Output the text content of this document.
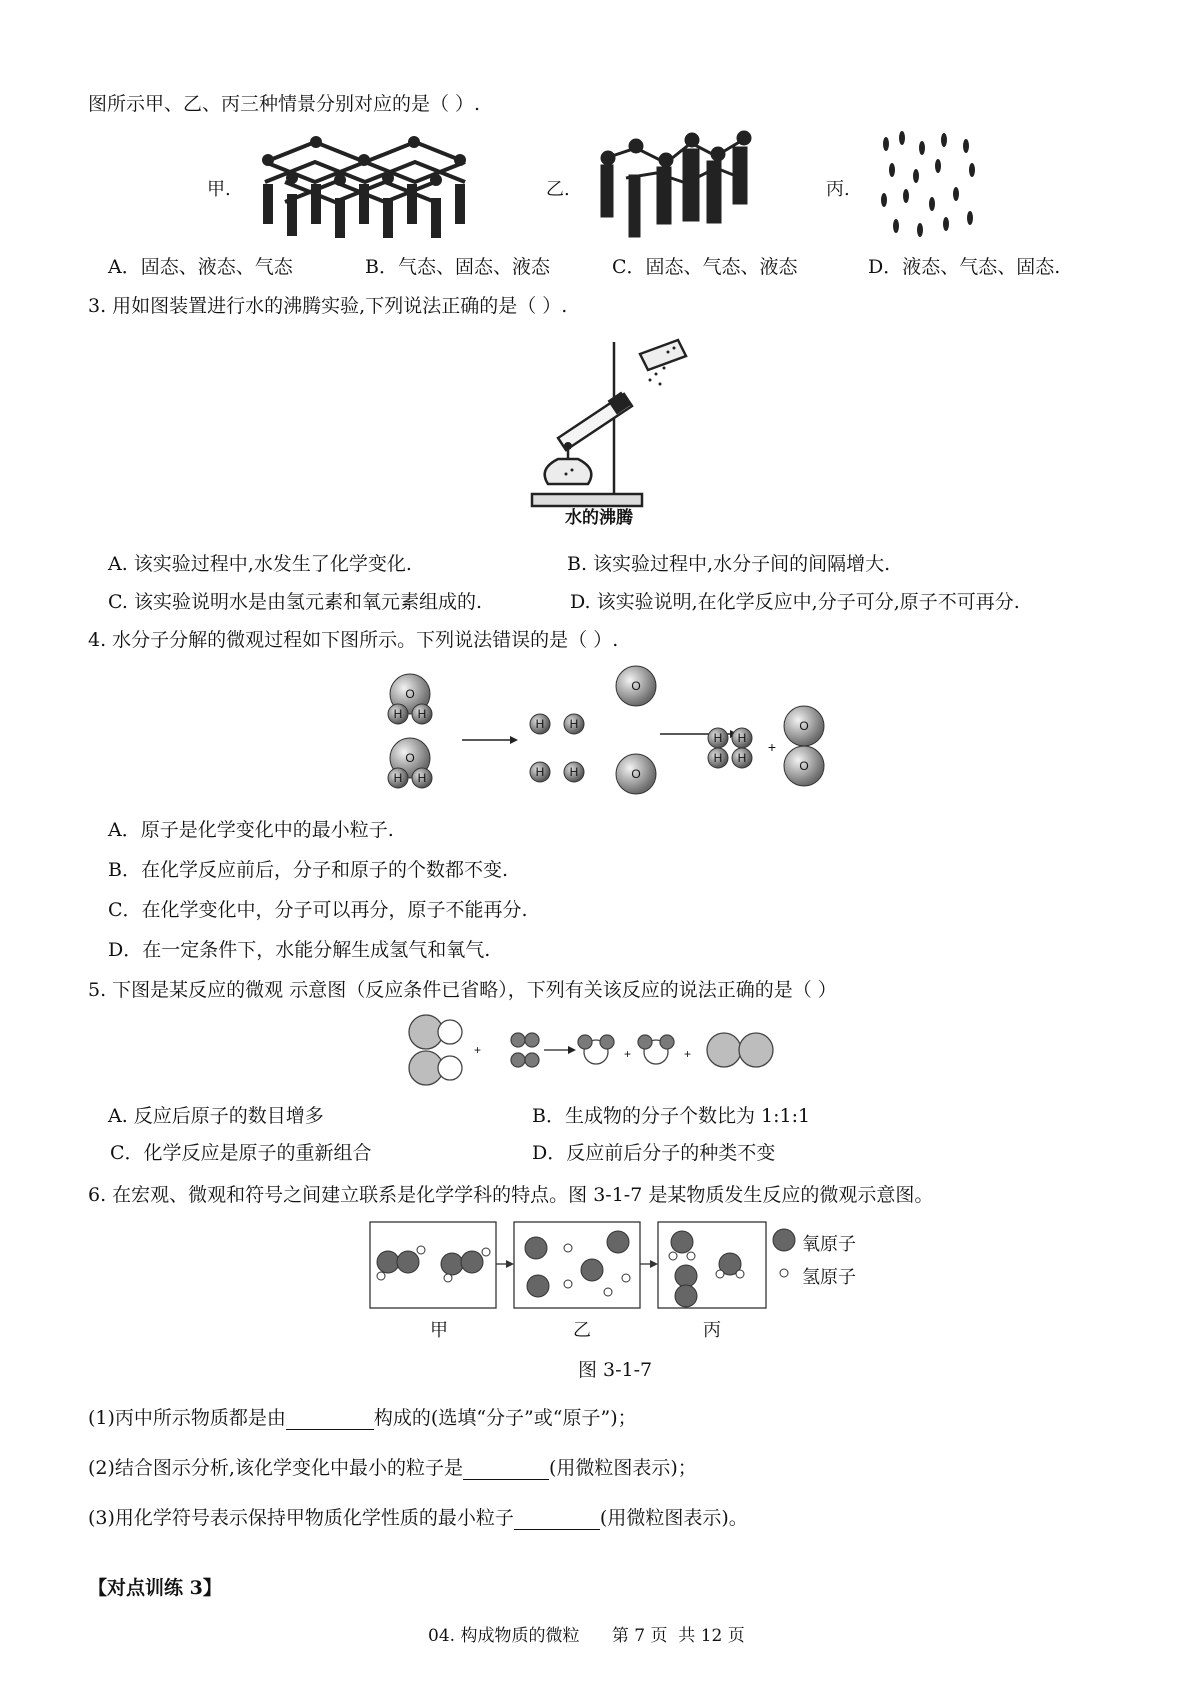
图所示甲、乙、丙三种情景分别对应的是（ ）.
甲.	乙.	丙.
A．固态、液态、气态	B．气态、固态、液态	C．固态、气态、液态	D．液态、气态、固态.
3. 用如图装置进行水的沸腾实验,下列说法正确的是（ ）.
水的沸腾
A. 该实验过程中,水发生了化学变化.	B. 该实验过程中,水分子间的间隔增大.
C. 该实验说明水是由氢元素和氧元素组成的.	D. 该实验说明,在化学反应中,分子可分,原子不可再分.
4. 水分子分解的微观过程如下图所示。下列说法错误的是（ ）.
O
H H
O
H H
H H
H H
O
O
H
H
H
H
+
O
O
A．原子是化学变化中的最小粒子.
B．在化学反应前后，分子和原子的个数都不变.
C．在化学变化中，分子可以再分，原子不能再分.
D．在一定条件下，水能分解生成氢气和氧气.
5. 下图是某反应的微观 示意图（反应条件已省略），下列有关该反应的说法正确的是（ ）
+	+	+
A. 反应后原子的数目增多	B．生成物的分子个数比为 1:1:1
C．化学反应是原子的重新组合	D．反应前后分子的种类不变
6. 在宏观、微观和符号之间建立联系是化学学科的特点。图 3-1-7 是某物质发生反应的微观示意图。
氧原子
氢原子
甲	乙	丙
图 3-1-7
(1)丙中所示物质都是由	构成的(选填“分子”或“原子”)；
(2)结合图示分析,该化学变化中最小的粒子是	(用微粒图表示)；
(3)用化学符号表示保持甲物质化学性质的最小粒子	(用微粒图表示)。
【对点训练 3】
04. 构成物质的微粒      第 7 页  共 12 页
